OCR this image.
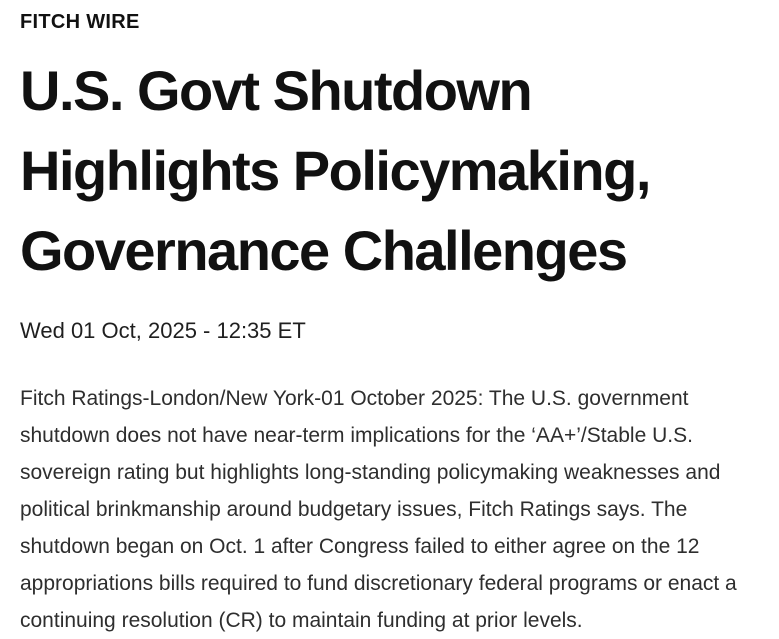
FITCH WIRE
U.S. Govt Shutdown Highlights Policymaking, Governance Challenges
Wed 01 Oct, 2025 - 12:35 ET

Fitch Ratings-London/New York-01 October 2025: The U.S. government shutdown does not have near-term implications for the ‘AA+’/Stable U.S. sovereign rating but highlights long-standing policymaking weaknesses and political brinkmanship around budgetary issues, Fitch Ratings says. The shutdown began on Oct. 1 after Congress failed to either agree on the 12 appropriations bills required to fund discretionary federal programs or enact a continuing resolution (CR) to maintain funding at prior levels.
